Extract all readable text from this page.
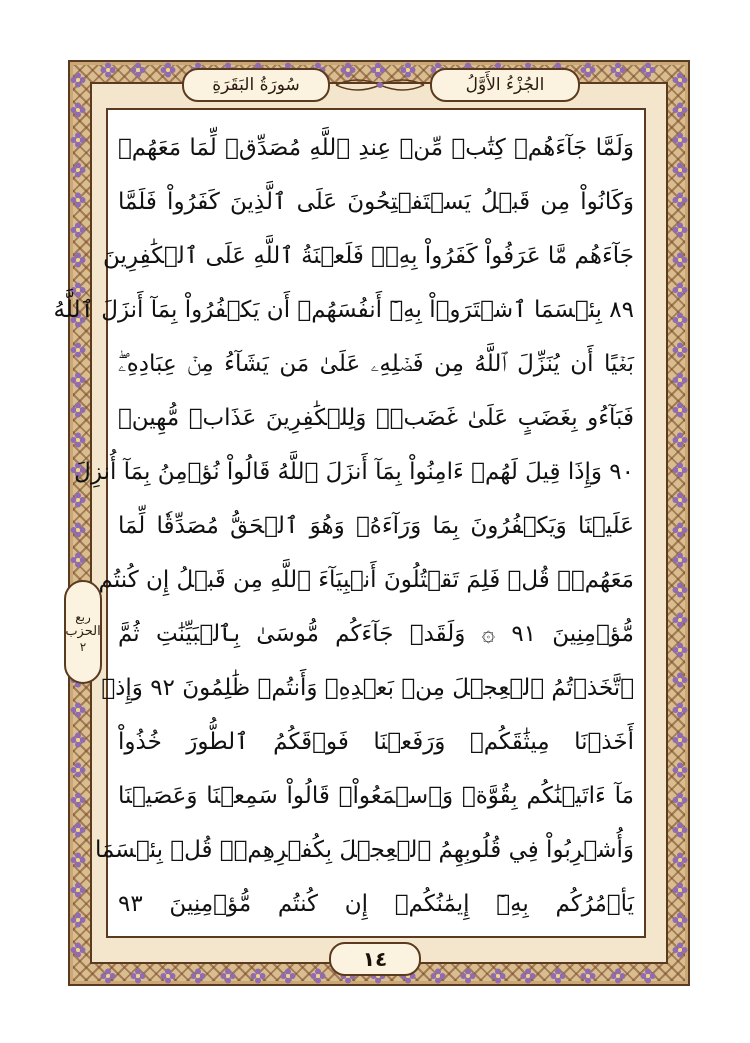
سُورَةُ البَقَرَةِ	الجُزْءُ الأَوَّلُ
وَلَمَّا جَآءَهُمۡ كِتَٰبٞ مِّنۡ عِندِ ٱللَّهِ مُصَدِّقٞ لِّمَا مَعَهُمۡ
وَكَانُواْ مِن قَبۡلُ يَسۡتَفۡتِحُونَ عَلَى ٱلَّذِينَ كَفَرُواْ فَلَمَّا
جَآءَهُم مَّا عَرَفُواْ كَفَرُواْ بِهِۦۚ فَلَعۡنَةُ ٱللَّهِ عَلَى ٱلۡكَٰفِرِينَ
٨٩ بِئۡسَمَا ٱشۡتَرَوۡاْ بِهِۦٓ أَنفُسَهُمۡ أَن يَكۡفُرُواْ بِمَآ أَنزَلَ ٱللَّهُ
بَغۡيًا أَن يُنَزِّلَ ٱللَّهُ مِن فَضۡلِهِۦ عَلَىٰ مَن يَشَآءُ مِنۡ عِبَادِهِۦۖ
فَبَآءُو بِغَضَبٍ عَلَىٰ غَضَبٖۚ وَلِلۡكَٰفِرِينَ عَذَابٞ مُّهِينٞ
٩٠ وَإِذَا قِيلَ لَهُمۡ ءَامِنُواْ بِمَآ أَنزَلَ ٱللَّهُ قَالُواْ نُؤۡمِنُ بِمَآ أُنزِلَ
عَلَيۡنَا وَيَكۡفُرُونَ بِمَا وَرَآءَهُۥ وَهُوَ ٱلۡحَقُّ مُصَدِّقٗا لِّمَا
مَعَهُمۡۗ قُلۡ فَلِمَ تَقۡتُلُونَ أَنۢبِيَآءَ ٱللَّهِ مِن قَبۡلُ إِن كُنتُم
مُّؤۡمِنِينَ ٩١ ۞ وَلَقَدۡ جَآءَكُم مُّوسَىٰ بِٱلۡبَيِّنَٰتِ ثُمَّ
ٱتَّخَذۡتُمُ ٱلۡعِجۡلَ مِنۢ بَعۡدِهِۦ وَأَنتُمۡ ظَٰلِمُونَ ٩٢ وَإِذۡ
أَخَذۡنَا مِيثَٰقَكُمۡ وَرَفَعۡنَا فَوۡقَكُمُ ٱلطُّورَ خُذُواْ
مَآ ءَاتَيۡنَٰكُم بِقُوَّةٖ وَٱسۡمَعُواْۖ قَالُواْ سَمِعۡنَا وَعَصَيۡنَا
وَأُشۡرِبُواْ فِي قُلُوبِهِمُ ٱلۡعِجۡلَ بِكُفۡرِهِمۡۚ قُلۡ بِئۡسَمَا
يَأۡمُرُكُم بِهِۦٓ إِيمَٰنُكُمۡ إِن كُنتُم مُّؤۡمِنِينَ ٩٣
ربع
الحزب
٢
١٤
